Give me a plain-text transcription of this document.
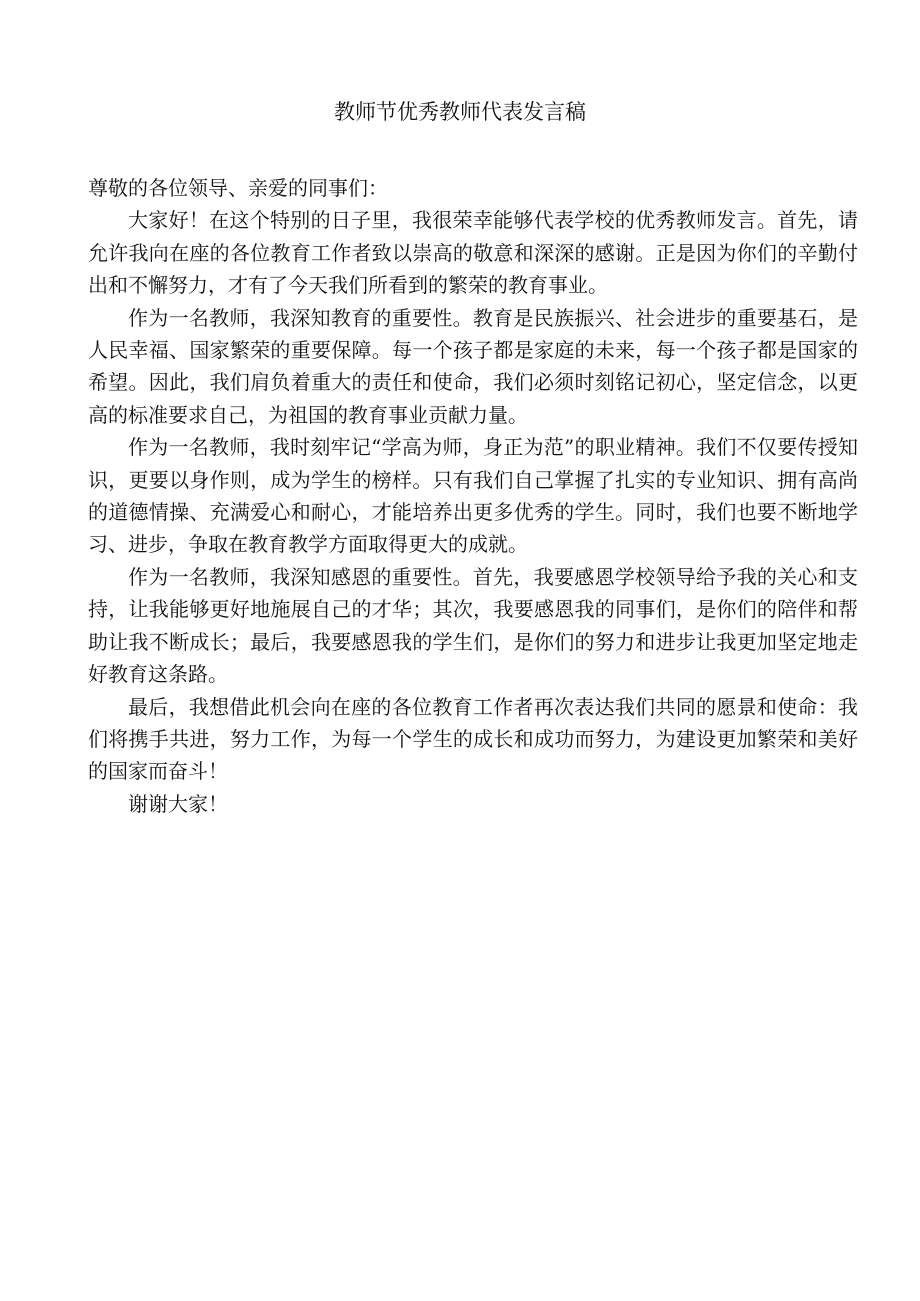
教师节优秀教师代表发言稿

尊敬的各位领导、亲爱的同事们：

大家好！在这个特别的日子里，我很荣幸能够代表学校的优秀教师发言。首先，请允许我向在座的各位教育工作者致以崇高的敬意和深深的感谢。正是因为你们的辛勤付出和不懈努力，才有了今天我们所看到的繁荣的教育事业。

作为一名教师，我深知教育的重要性。教育是民族振兴、社会进步的重要基石，是人民幸福、国家繁荣的重要保障。每一个孩子都是家庭的未来，每一个孩子都是国家的希望。因此，我们肩负着重大的责任和使命，我们必须时刻铭记初心，坚定信念，以更高的标准要求自己，为祖国的教育事业贡献力量。

作为一名教师，我时刻牢记“学高为师，身正为范”的职业精神。我们不仅要传授知识，更要以身作则，成为学生的榜样。只有我们自己掌握了扎实的专业知识、拥有高尚的道德情操、充满爱心和耐心，才能培养出更多优秀的学生。同时，我们也要不断地学习、进步，争取在教育教学方面取得更大的成就。

作为一名教师，我深知感恩的重要性。首先，我要感恩学校领导给予我的关心和支持，让我能够更好地施展自己的才华；其次，我要感恩我的同事们，是你们的陪伴和帮助让我不断成长；最后，我要感恩我的学生们，是你们的努力和进步让我更加坚定地走好教育这条路。

最后，我想借此机会向在座的各位教育工作者再次表达我们共同的愿景和使命：我们将携手共进，努力工作，为每一个学生的成长和成功而努力，为建设更加繁荣和美好的国家而奋斗！

谢谢大家！
